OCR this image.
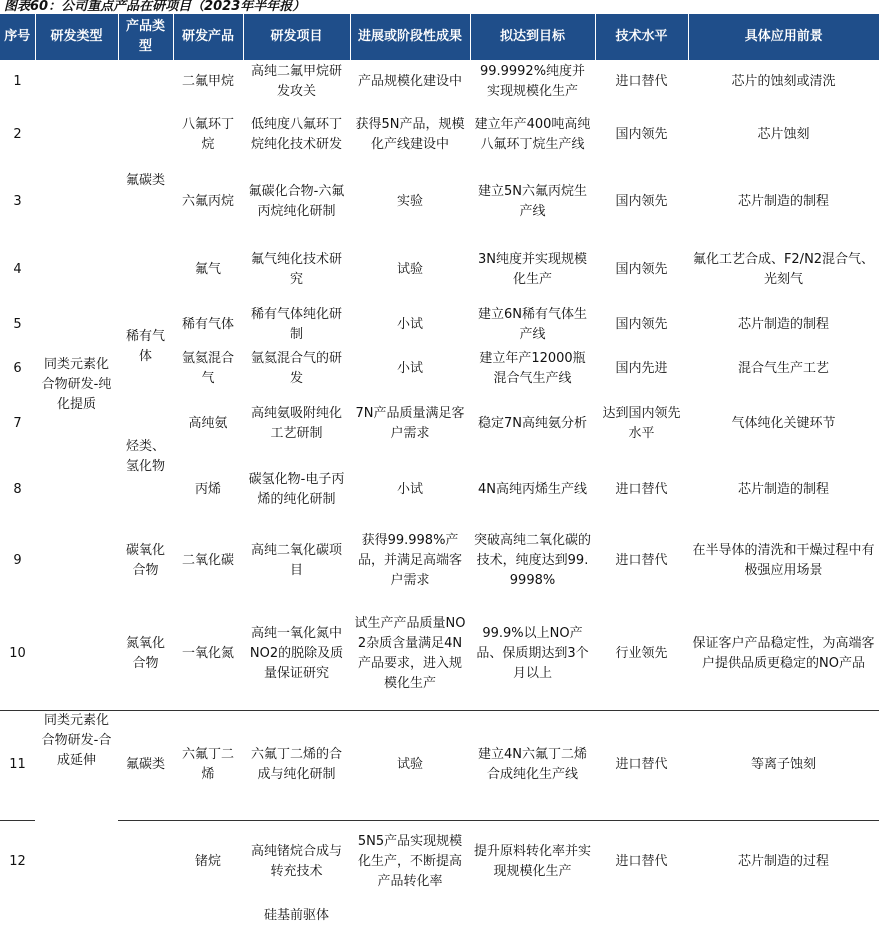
图表60：公司重点产品在研项目（2023年半年报）
序号	研发类型	产品类型	研发产品	研发项目	进展或阶段性成果	拟达到目标	技术水平	具体应用前景
1	同类元素化合物研发-纯化提质	氟碳类	二氟甲烷	高纯二氟甲烷研发攻关	产品规模化建设中	99.9992%纯度并实现规模化生产	进口替代	芯片的蚀刻或清洗
2			八氟环丁烷	低纯度八氟环丁烷纯化技术研发	获得5N产品，规模化产线建设中	建立年产400吨高纯八氟环丁烷生产线	国内领先	芯片蚀刻
3			六氟丙烷	氟碳化合物-六氟丙烷纯化研制	实验	建立5N六氟丙烷生产线	国内领先	芯片制造的制程
4			氟气	氟气纯化技术研究	试验	3N纯度并实现规模化生产	国内领先	氟化工艺合成、F2/N2混合气、光刻气
5		稀有气体	稀有气体	稀有气体纯化研制	小试	建立6N稀有气体生产线	国内领先	芯片制造的制程
6			氩氦混合气	氩氦混合气的研发	小试	建立年产12000瓶混合气生产线	国内先进	混合气生产工艺
7		烃类、氢化物	高纯氨	高纯氨吸附纯化工艺研制	7N产品质量满足客户需求	稳定7N高纯氨分析	达到国内领先水平	气体纯化关键环节
8			丙烯	碳氢化物-电子丙烯的纯化研制	小试	4N高纯丙烯生产线	进口替代	芯片制造的制程
9		碳氧化合物	二氧化碳	高纯二氧化碳项目	获得99.998%产品，并满足高端客户需求	突破高纯二氧化碳的技术，纯度达到99.9998%	进口替代	在半导体的清洗和干燥过程中有极强应用场景
10		氮氧化合物	一氧化氮	高纯一氧化氮中NO2的脱除及质量保证研究	试生产产品质量NO2杂质含量满足4N产品要求，进入规模化生产	99.9%以上NO产品、保质期达到3个月以上	行业领先	保证客户产品稳定性，为高端客户提供品质更稳定的NO产品
11	同类元素化合物研发-合成延伸	氟碳类	六氟丁二烯	六氟丁二烯的合成与纯化研制	试验	建立4N六氟丁二烯合成纯化生产线	进口替代	等离子蚀刻
12			锗烷	高纯锗烷合成与转充技术	5N5产品实现规模化生产，不断提高产品转化率	提升原料转化率并实现规模化生产	进口替代	芯片制造的过程
				硅基前驱体				
